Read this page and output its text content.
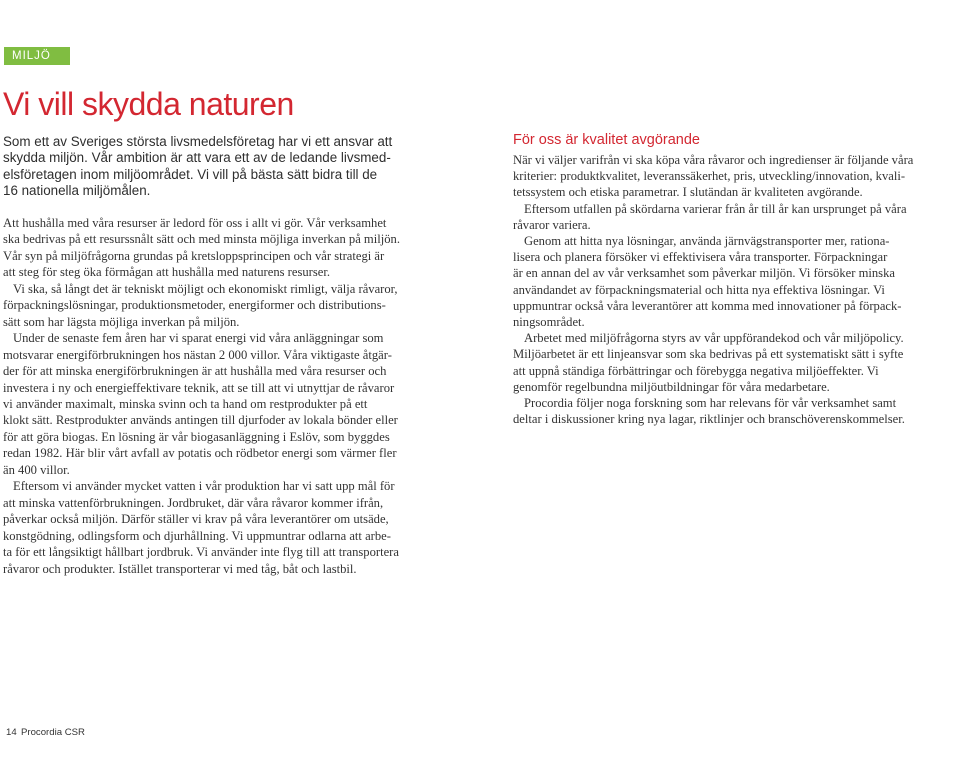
MILJÖ
Vi vill skydda naturen
Som ett av Sveriges största livsmedelsföretag har vi ett ansvar att
skydda miljön. Vår ambition är att vara ett av de ledande livsmed-
elsföretagen inom miljöområdet. Vi vill på bästa sätt bidra till de
16 nationella miljömålen.
Att hushålla med våra resurser är ledord för oss i allt vi gör. Vår verksamhet
ska bedrivas på ett resurssnålt sätt och med minsta möjliga inverkan på miljön.
Vår syn på miljöfrågorna grundas på kretsloppsprincipen och vår strategi är
att steg för steg öka förmågan att hushålla med naturens resurser.
Vi ska, så långt det är tekniskt möjligt och ekonomiskt rimligt, välja råvaror,
förpackningslösningar, produktionsmetoder, energiformer och distributions-
sätt som har lägsta möjliga inverkan på miljön.
Under de senaste fem åren har vi sparat energi vid våra anläggningar som
motsvarar energiförbrukningen hos nästan 2 000 villor. Våra viktigaste åtgär-
der för att minska energiförbrukningen är att hushålla med våra resurser och
investera i ny och energieffektivare teknik, att se till att vi utnyttjar de råvaror
vi använder maximalt, minska svinn och ta hand om restprodukter på ett
klokt sätt. Restprodukter används antingen till djurfoder av lokala bönder eller
för att göra biogas. En lösning är vår biogasanläggning i Eslöv, som byggdes
redan 1982. Här blir vårt avfall av potatis och rödbetor energi som värmer fler
än 400 villor.
Eftersom vi använder mycket vatten i vår produktion har vi satt upp mål för
att minska vattenförbrukningen. Jordbruket, där våra råvaror kommer ifrån,
påverkar också miljön. Därför ställer vi krav på våra leverantörer om utsäde,
konstgödning, odlingsform och djurhållning. Vi uppmuntrar odlarna att arbe-
ta för ett långsiktigt hållbart jordbruk. Vi använder inte flyg till att transportera
råvaror och produkter. Istället transporterar vi med tåg, båt och lastbil.
För oss är kvalitet avgörande
När vi väljer varifrån vi ska köpa våra råvaror och ingredienser är följande våra
kriterier: produktkvalitet, leveranssäkerhet, pris, utveckling/innovation, kvali-
tetssystem och etiska parametrar. I slutändan är kvaliteten avgörande.
Eftersom utfallen på skördarna varierar från år till år kan ursprunget på våra
råvaror variera.
Genom att hitta nya lösningar, använda järnvägstransporter mer, rationa-
lisera och planera försöker vi effektivisera våra transporter. Förpackningar
är en annan del av vår verksamhet som påverkar miljön. Vi försöker minska
användandet av förpackningsmaterial och hitta nya effektiva lösningar. Vi
uppmuntrar också våra leverantörer att komma med innovationer på förpack-
ningsområdet.
Arbetet med miljöfrågorna styrs av vår uppförandekod och vår miljöpolicy.
Miljöarbetet är ett linjeansvar som ska bedrivas på ett systematiskt sätt i syfte
att uppnå ständiga förbättringar och förebygga negativa miljöeffekter. Vi
genomför regelbundna miljöutbildningar för våra medarbetare.
Procordia följer noga forskning som har relevans för vår verksamhet samt
deltar i diskussioner kring nya lagar, riktlinjer och branschöverenskommelser.
14 Procordia CSR
